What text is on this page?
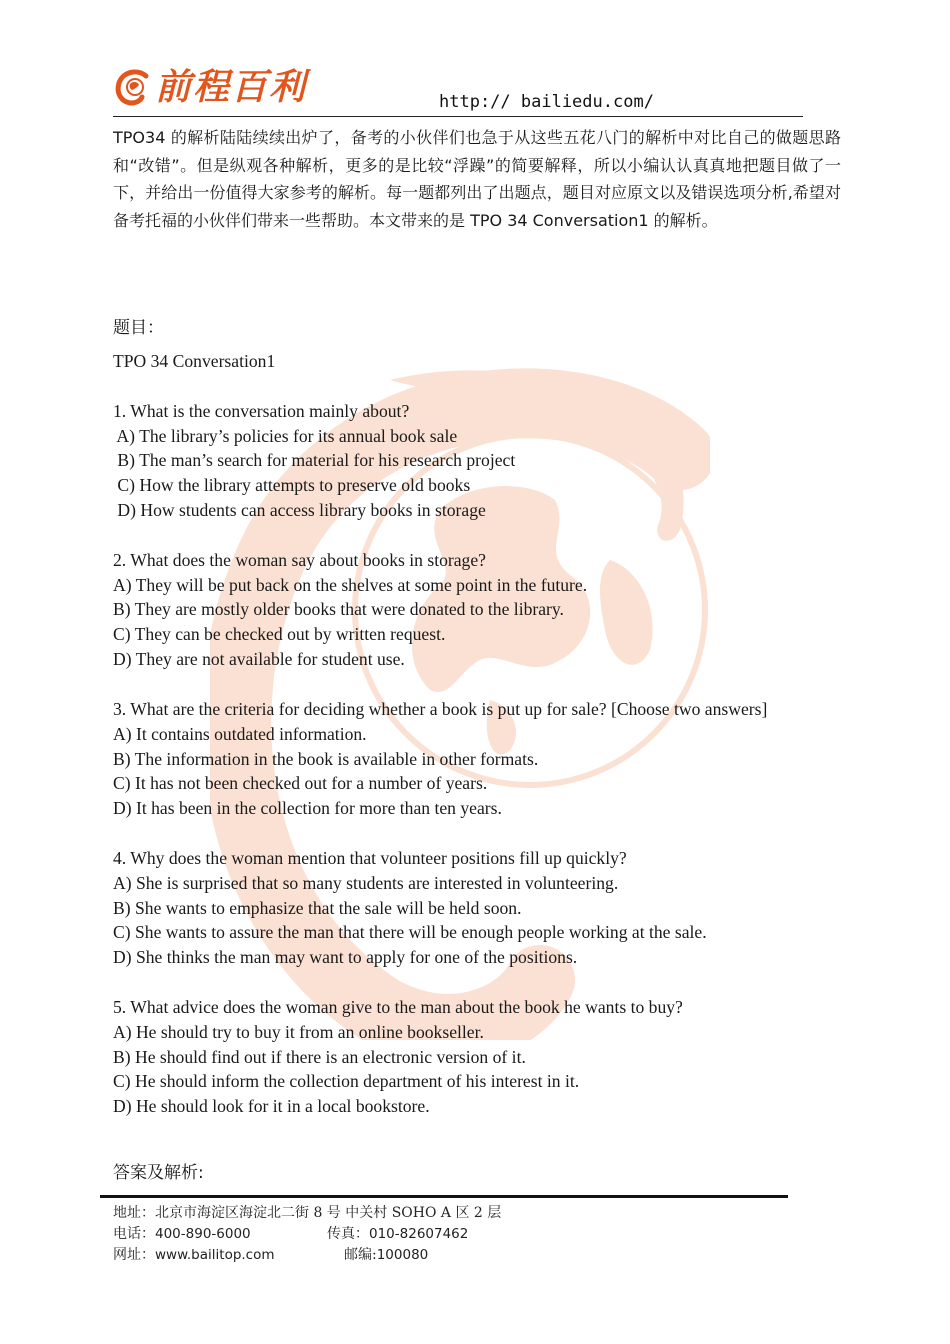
前程百利	http:// bailiedu.com/

TPO34 的解析陆陆续续出炉了，备考的小伙伴们也急于从这些五花八门的解析中对比自己的做题思路和“改错”。但是纵观各种解析，更多的是比较“浮躁”的简要解释，所以小编认认真真地把题目做了一下，并给出一份值得大家参考的解析。每一题都列出了出题点，题目对应原文以及错误选项分析,希望对备考托福的小伙伴们带来一些帮助。本文带来的是 TPO 34 Conversation1 的解析。

题目：

TPO 34 Conversation1
1. What is the conversation mainly about?
A) The library’s policies for its annual book sale
B) The man’s search for material for his research project
C) How the library attempts to preserve old books
D) How students can access library books in storage
2. What does the woman say about books in storage?
A) They will be put back on the shelves at some point in the future.
B) They are mostly older books that were donated to the library.
C) They can be checked out by written request.
D) They are not available for student use.
3. What are the criteria for deciding whether a book is put up for sale? [Choose two answers]
A) It contains outdated information.
B) The information in the book is available in other formats.
C) It has not been checked out for a number of years.
D) It has been in the collection for more than ten years.
4. Why does the woman mention that volunteer positions fill up quickly?
A) She is surprised that so many students are interested in volunteering.
B) She wants to emphasize that the sale will be held soon.
C) She wants to assure the man that there will be enough people working at the sale.
D) She thinks the man may want to apply for one of the positions.
5. What advice does the woman give to the man about the book he wants to buy?
A) He should try to buy it from an online bookseller.
B) He should find out if there is an electronic version of it.
C) He should inform the collection department of his interest in it.
D) He should look for it in a local bookstore.

答案及解析:

地址：北京市海淀区海淀北二街 8 号 中关村 SOHO A 区 2 层
电话：400-890-6000	传真：010-82607462
网址：www.bailitop.com	邮编:100080
